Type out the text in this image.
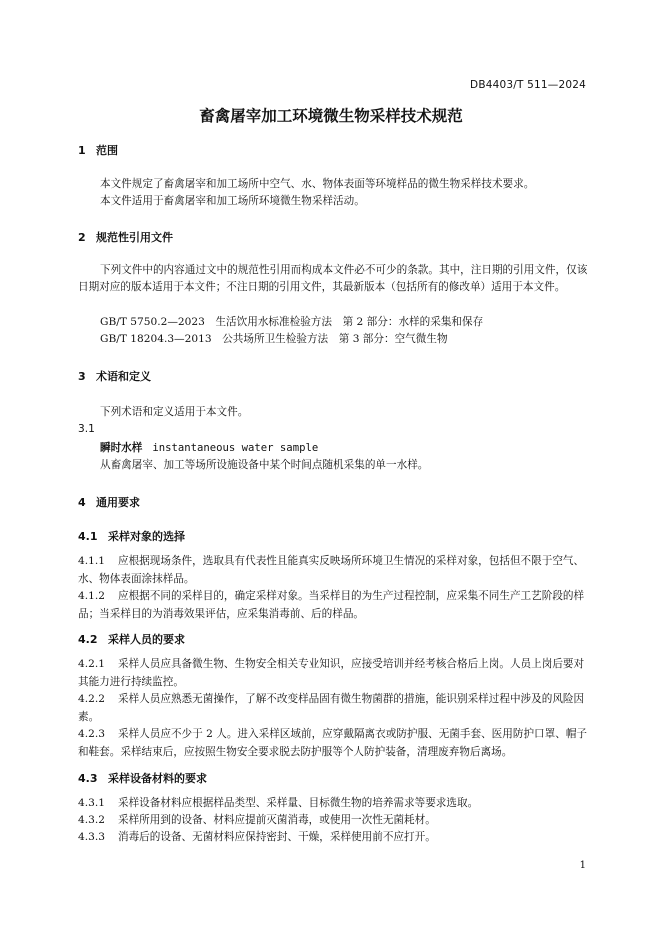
DB4403/T 511—2024
畜禽屠宰加工环境微生物采样技术规范
1 范围
本文件规定了畜禽屠宰和加工场所中空气、水、物体表面等环境样品的微生物采样技术要求。
本文件适用于畜禽屠宰和加工场所环境微生物采样活动。
2 规范性引用文件
下列文件中的内容通过文中的规范性引用而构成本文件必不可少的条款。其中，注日期的引用文件，仅该日期对应的版本适用于本文件；不注日期的引用文件，其最新版本（包括所有的修改单）适用于本文件。
GB/T 5750.2—2023　生活饮用水标准检验方法　第 2 部分：水样的采集和保存
GB/T 18204.3—2013　公共场所卫生检验方法　第 3 部分：空气微生物
3 术语和定义
下列术语和定义适用于本文件。
3.1
瞬时水样 instantaneous water sample
从畜禽屠宰、加工等场所设施设备中某个时间点随机采集的单一水样。
4 通用要求
4.1 采样对象的选择
4.1.1 应根据现场条件，选取具有代表性且能真实反映场所环境卫生情况的采样对象，包括但不限于空气、水、物体表面涂抹样品。
4.1.2 应根据不同的采样目的，确定采样对象。当采样目的为生产过程控制，应采集不同生产工艺阶段的样品；当采样目的为消毒效果评估，应采集消毒前、后的样品。
4.2 采样人员的要求
4.2.1 采样人员应具备微生物、生物安全相关专业知识，应接受培训并经考核合格后上岗。人员上岗后要对其能力进行持续监控。
4.2.2 采样人员应熟悉无菌操作，了解不改变样品固有微生物菌群的措施，能识别采样过程中涉及的风险因素。
4.2.3 采样人员应不少于 2 人。进入采样区域前，应穿戴隔离衣或防护服、无菌手套、医用防护口罩、帽子和鞋套。采样结束后，应按照生物安全要求脱去防护服等个人防护装备，清理废弃物后离场。
4.3 采样设备材料的要求
4.3.1 采样设备材料应根据样品类型、采样量、目标微生物的培养需求等要求选取。
4.3.2 采样所用到的设备、材料应提前灭菌消毒，或使用一次性无菌耗材。
4.3.3 消毒后的设备、无菌材料应保持密封、干燥，采样使用前不应打开。
1
